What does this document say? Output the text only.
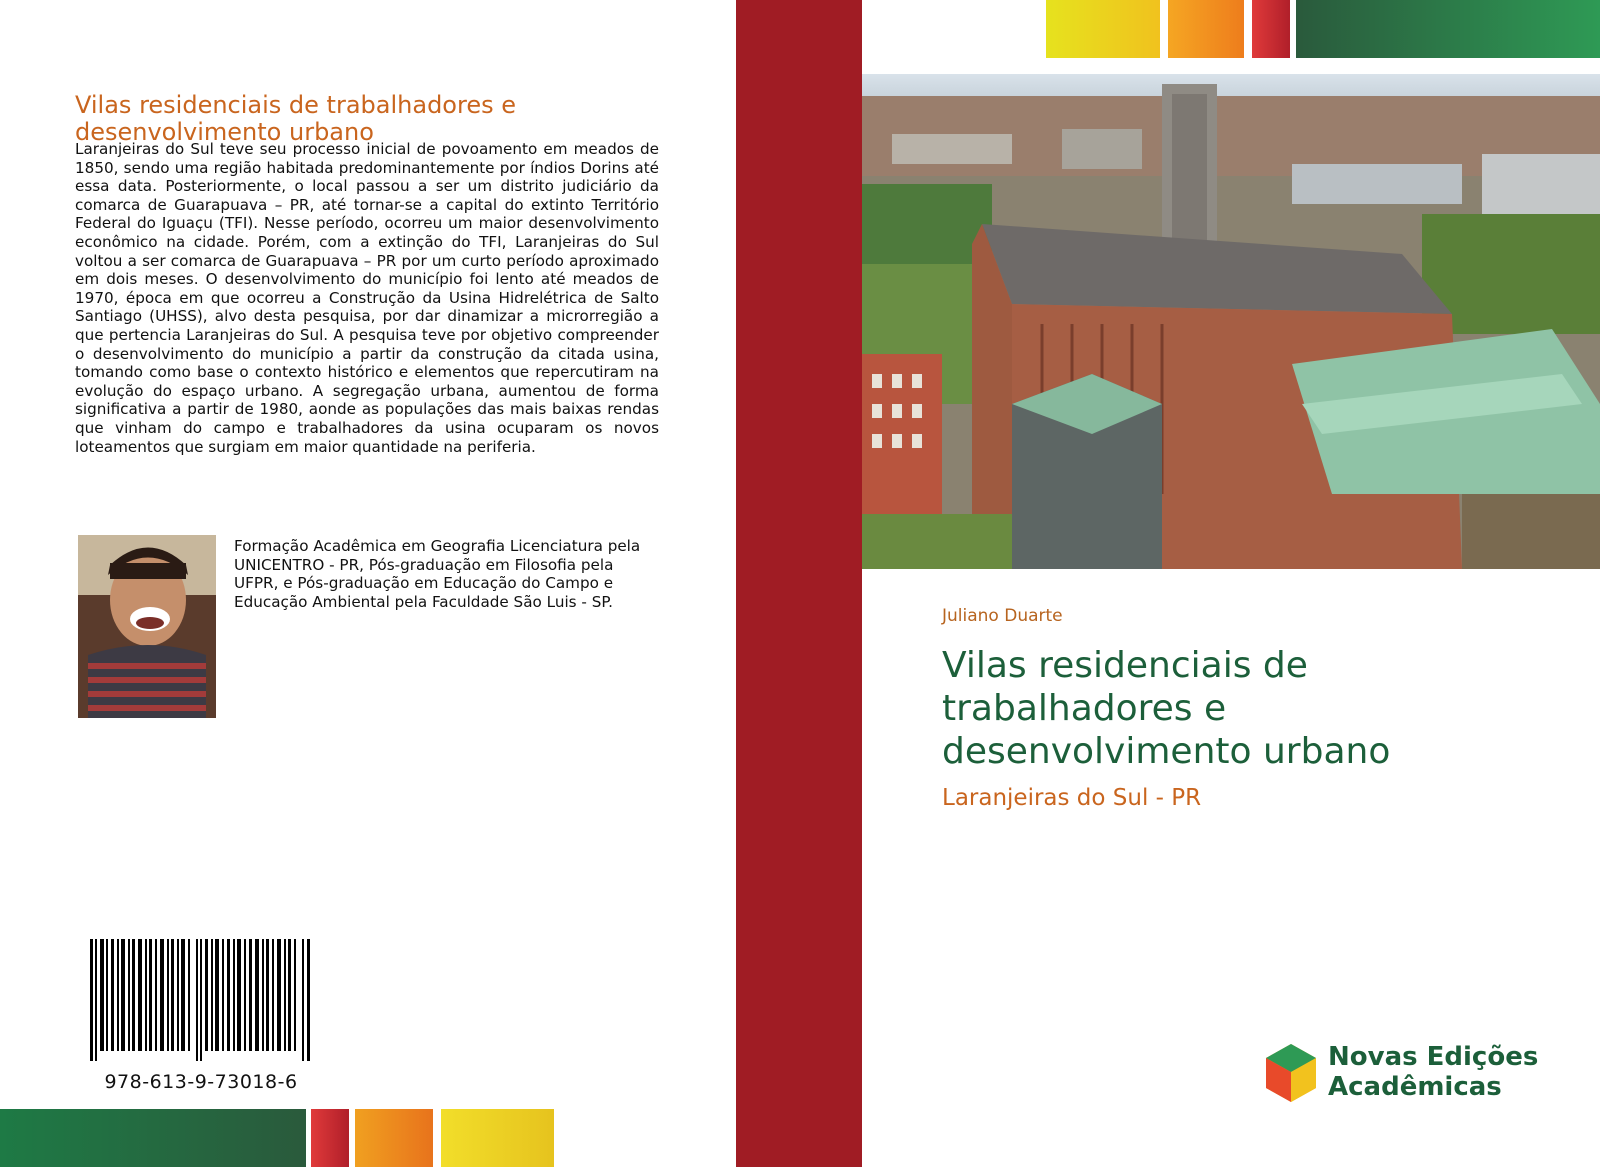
Vilas residenciais de trabalhadores e desenvolvimento urbano
Laranjeiras do Sul teve seu processo inicial de povoamento em meados de 1850, sendo uma região habitada predominantemente por índios Dorins até essa data. Posteriormente, o local passou a ser um distrito judiciário da comarca de Guarapuava – PR, até tornar-se a capital do extinto Território Federal do Iguaçu (TFI). Nesse período, ocorreu um maior desenvolvimento econômico na cidade. Porém, com a extinção do TFI, Laranjeiras do Sul voltou a ser comarca de Guarapuava – PR por um curto período aproximado em dois meses. O desenvolvimento do município foi lento até meados de 1970, época em que ocorreu a Construção da Usina Hidrelétrica de Salto Santiago (UHSS), alvo desta pesquisa, por dar dinamizar a microrregião a que pertencia Laranjeiras do Sul. A pesquisa teve por objetivo compreender o desenvolvimento do município a partir da construção da citada usina, tomando como base o contexto histórico e elementos que repercutiram na evolução do espaço urbano. A segregação urbana, aumentou de forma significativa a partir de 1980, aonde as populações das mais baixas rendas que vinham do campo e trabalhadores da usina ocuparam os novos loteamentos que surgiam em maior quantidade na periferia.
Formação Acadêmica em Geografia Licenciatura pela UNICENTRO - PR, Pós-graduação em Filosofia pela UFPR, e Pós-graduação em Educação do Campo e Educação Ambiental pela Faculdade São Luis - SP.
978-613-9-73018-6
Juliano Duarte
Vilas residenciais de
trabalhadores e
desenvolvimento urbano
Laranjeiras do Sul - PR
Novas Edições
Acadêmicas
